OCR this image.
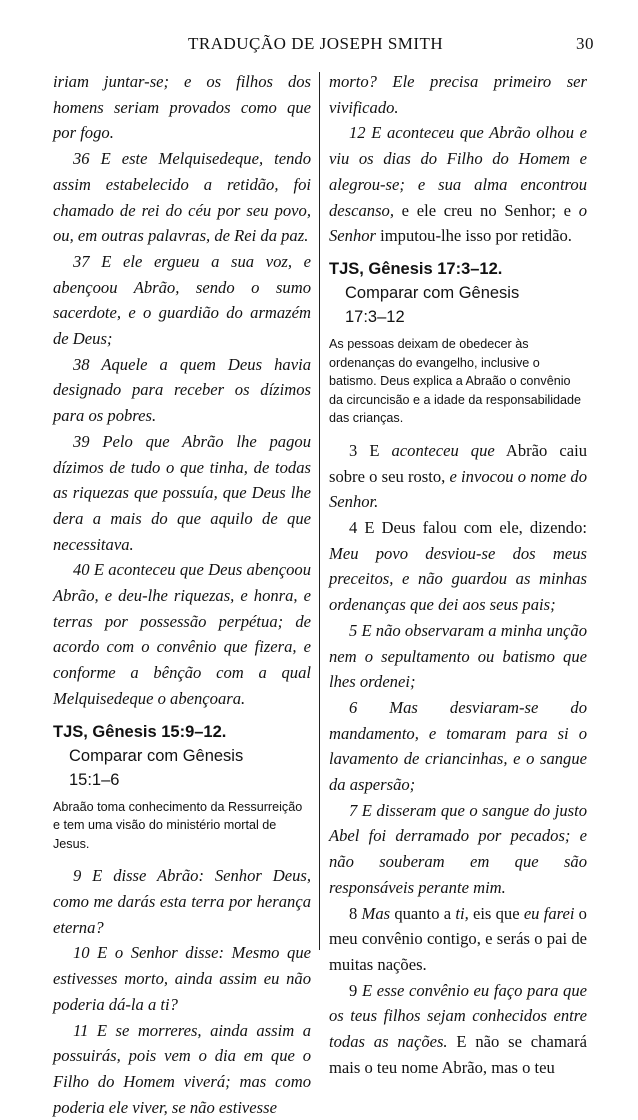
TRADUÇÃO DE JOSEPH SMITH	30

iriam juntar-se; e os filhos dos homens seriam provados como que por fogo.

36 E este Melquisedeque, tendo assim estabelecido a retidão, foi chamado de rei do céu por seu povo, ou, em outras palavras, de Rei da paz.

37 E ele ergueu a sua voz, e abençoou Abrão, sendo o sumo sacerdote, e o guardião do armazém de Deus;

38 Aquele a quem Deus havia designado para receber os dízimos para os pobres.

39 Pelo que Abrão lhe pagou dízimos de tudo o que tinha, de todas as riquezas que possuía, que Deus lhe dera a mais do que aquilo de que necessitava.

40 E aconteceu que Deus abençoou Abrão, e deu-lhe riquezas, e honra, e terras por possessão perpétua; de acordo com o convênio que fizera, e conforme a bênção com a qual Melquisedeque o abençoara.

TJS, Gênesis 15:9–12.
Comparar com Gênesis
15:1–6
Abraão toma conhecimento da Ressurreição e tem uma visão do ministério mortal de Jesus.

9 E disse Abrão: Senhor Deus, como me darás esta terra por herança eterna?

10 E o Senhor disse: Mesmo que estivesses morto, ainda assim eu não poderia dá-la a ti?

11 E se morreres, ainda assim a possuirás, pois vem o dia em que o Filho do Homem viverá; mas como poderia ele viver, se não estivesse

morto? Ele precisa primeiro ser vivificado.

12 E aconteceu que Abrão olhou e viu os dias do Filho do Homem e alegrou-se; e sua alma encontrou descanso, e ele creu no Senhor; e o Senhor imputou-lhe isso por retidão.

TJS, Gênesis 17:3–12.
Comparar com Gênesis
17:3–12
As pessoas deixam de obedecer às ordenanças do evangelho, inclusive o batismo. Deus explica a Abraão o convênio da circuncisão e a idade da responsabilidade das crianças.

3 E aconteceu que Abrão caiu sobre o seu rosto, e invocou o nome do Senhor.

4 E Deus falou com ele, dizendo: Meu povo desviou-se dos meus preceitos, e não guardou as minhas ordenanças que dei aos seus pais;

5 E não observaram a minha unção nem o sepultamento ou batismo que lhes ordenei;

6 Mas desviaram-se do mandamento, e tomaram para si o lavamento de criancinhas, e o sangue da aspersão;

7 E disseram que o sangue do justo Abel foi derramado por pecados; e não souberam em que são responsáveis perante mim.

8 Mas quanto a ti, eis que eu farei o meu convênio contigo, e serás o pai de muitas nações.

9 E esse convênio eu faço para que os teus filhos sejam conhecidos entre todas as nações. E não se chamará mais o teu nome Abrão, mas o teu
